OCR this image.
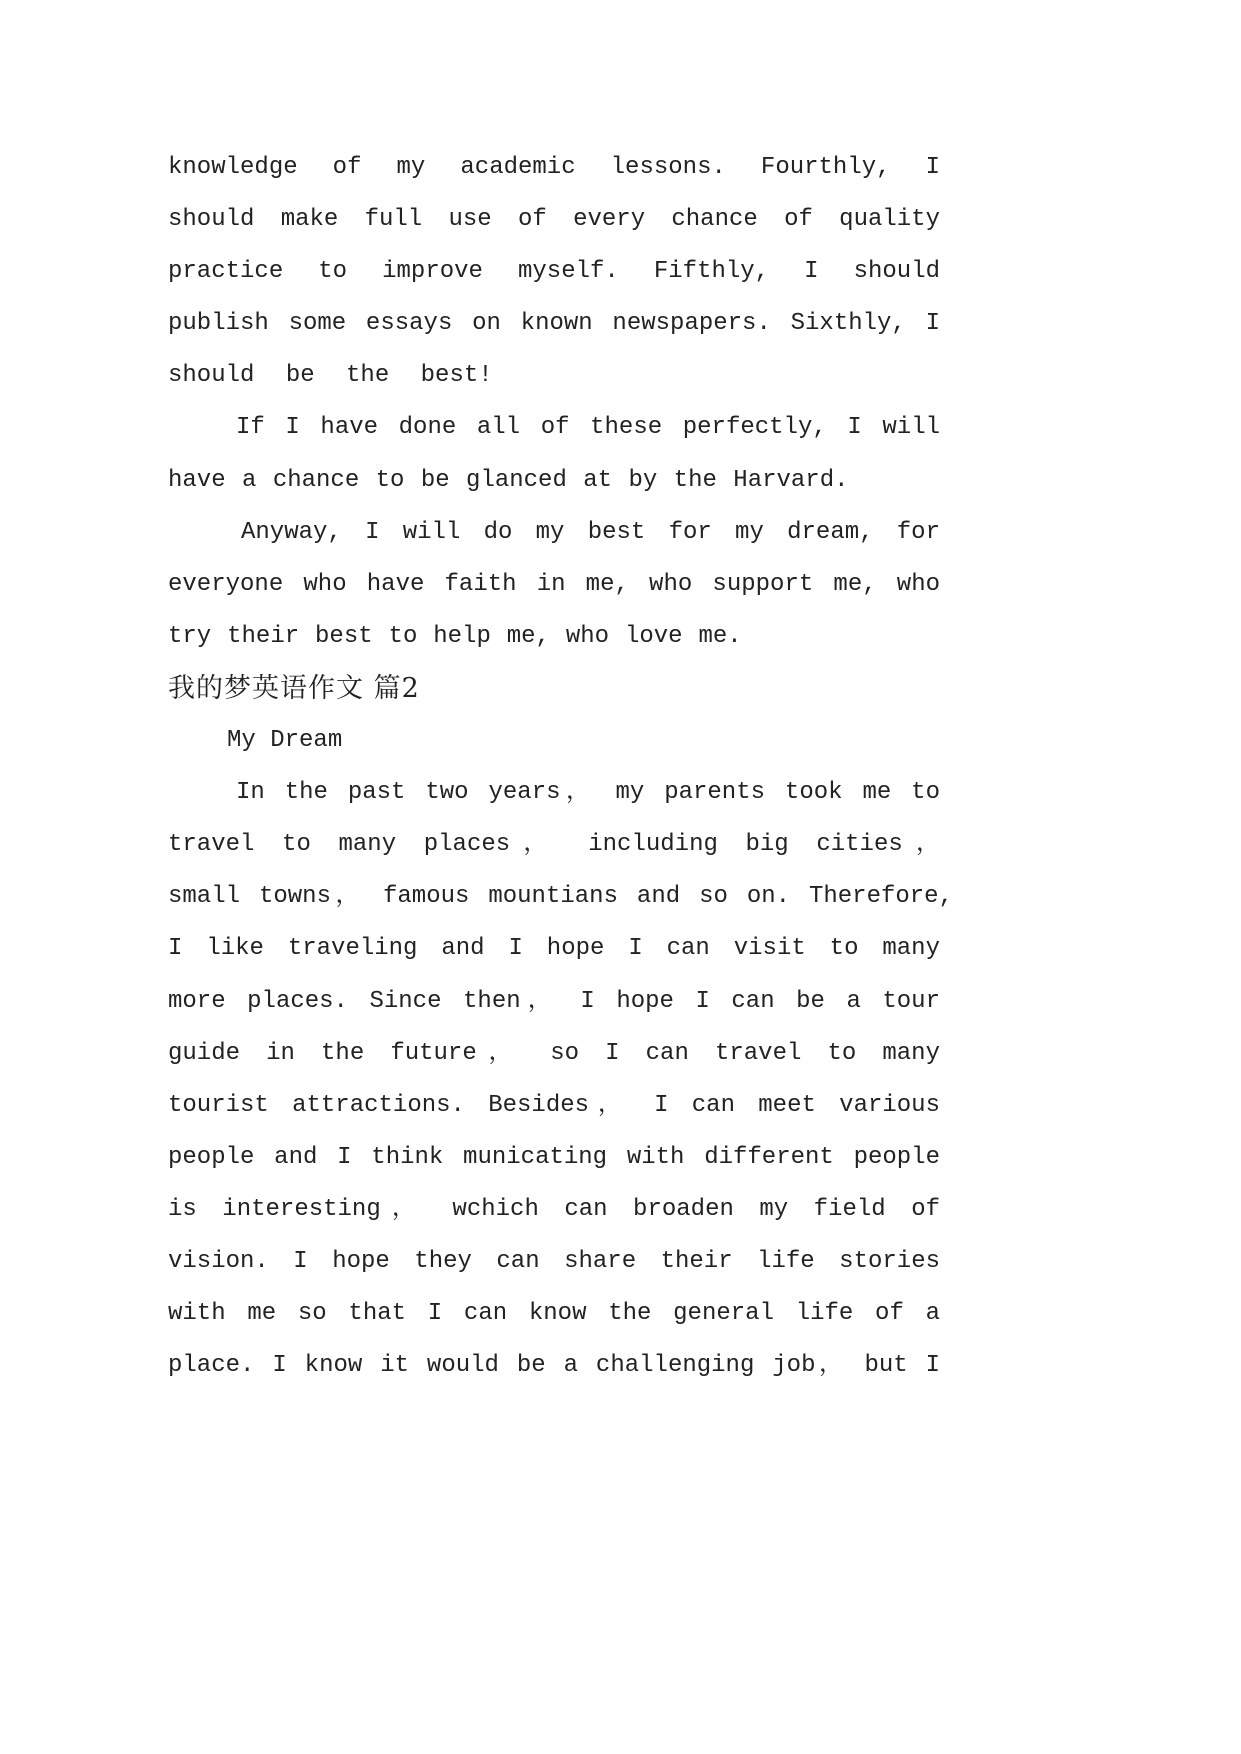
knowledge of my academic lessons. Fourthly, I
should make full use of every chance of quality
practice to improve myself. Fifthly, I should
publish some essays on known newspapers. Sixthly, I
should be the best!
If I have done all of these perfectly, I will
have a chance to be glanced at by the Harvard.
Anyway, I will do my best for my dream, for
everyone who have faith in me, who support me, who
try their best to help me, who love me.
我的梦英语作文 篇2
My Dream
In the past two years， my parents took me to
travel to many places， including big cities，
small towns， famous mountians and so on. Therefore,
I like traveling and I hope I can visit to many
more places. Since then， I hope I can be a tour
guide in the future， so I can travel to many
tourist attractions. Besides， I can meet various
people and I think municating with different people
is interesting， wchich can broaden my field of
vision. I hope they can share their life stories
with me so that I can know the general life of a
place. I know it would be a challenging job， but I
